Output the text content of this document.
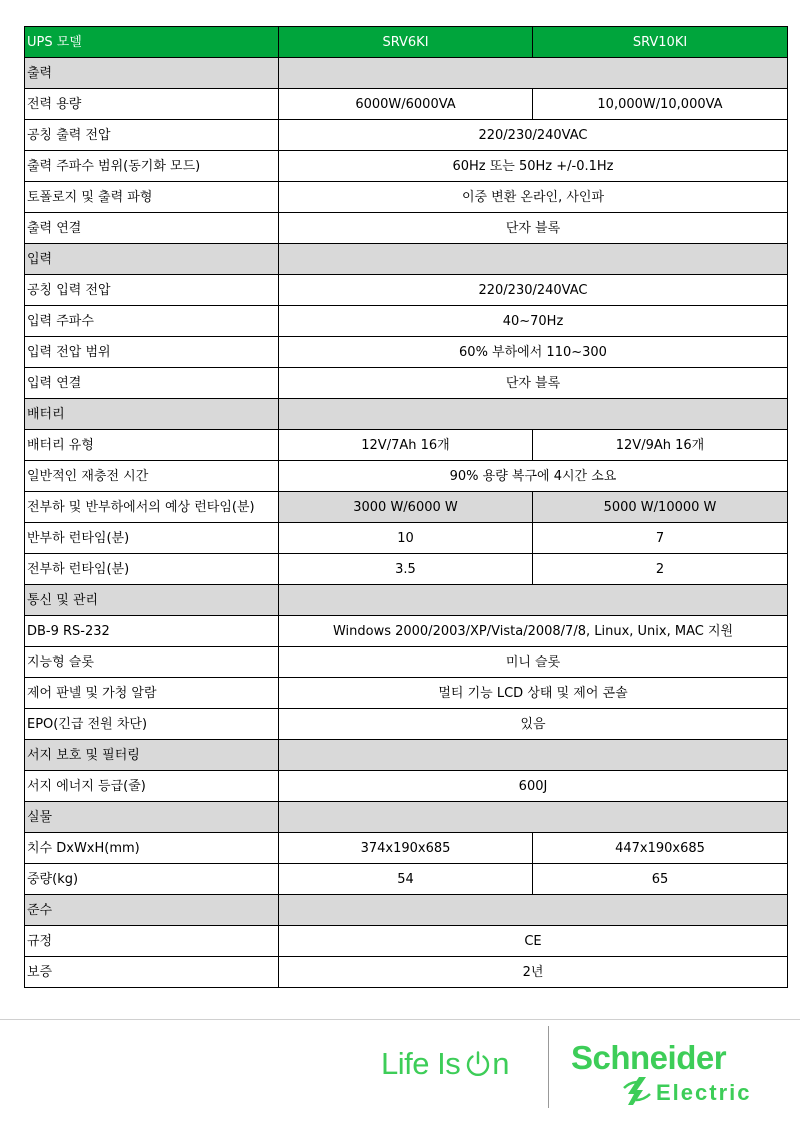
UPS 모델	SRV6KI	SRV10KI
출력		
전력 용량	6000W/6000VA	10,000W/10,000VA
공칭 출력 전압	220/230/240VAC	
출력 주파수 범위(동기화 모드)	60Hz 또는 50Hz +/-0.1Hz	
토폴로지 및 출력 파형	이중 변환 온라인, 사인파	
출력 연결	단자 블록	
입력		
공칭 입력 전압	220/230/240VAC	
입력 주파수	40~70Hz	
입력 전압 범위	60% 부하에서 110~300	
입력 연결	단자 블록	
배터리		
배터리 유형	12V/7Ah 16개	12V/9Ah 16개
일반적인 재충전 시간	90% 용량 복구에 4시간 소요	
전부하 및 반부하에서의 예상 런타임(분)	3000 W/6000 W	5000 W/10000 W
반부하 런타임(분)	10	7
전부하 런타임(분)	3.5	2
통신 및 관리		
DB-9 RS-232	Windows 2000/2003/XP/Vista/2008/7/8, Linux, Unix, MAC 지원	
지능형 슬롯	미니 슬롯	
제어 판넬 및 가청 알람	멀티 기능 LCD 상태 및 제어 콘솔	
EPO(긴급 전원 차단)	있음	
서지 보호 및 필터링		
서지 에너지 등급(줄)	600J	
실물		
치수 DxWxH(mm)	374x190x685	447x190x685
중량(kg)	54	65
준수		
규정	CE	
보증	2년	
Life Is n Schneider
Electric
